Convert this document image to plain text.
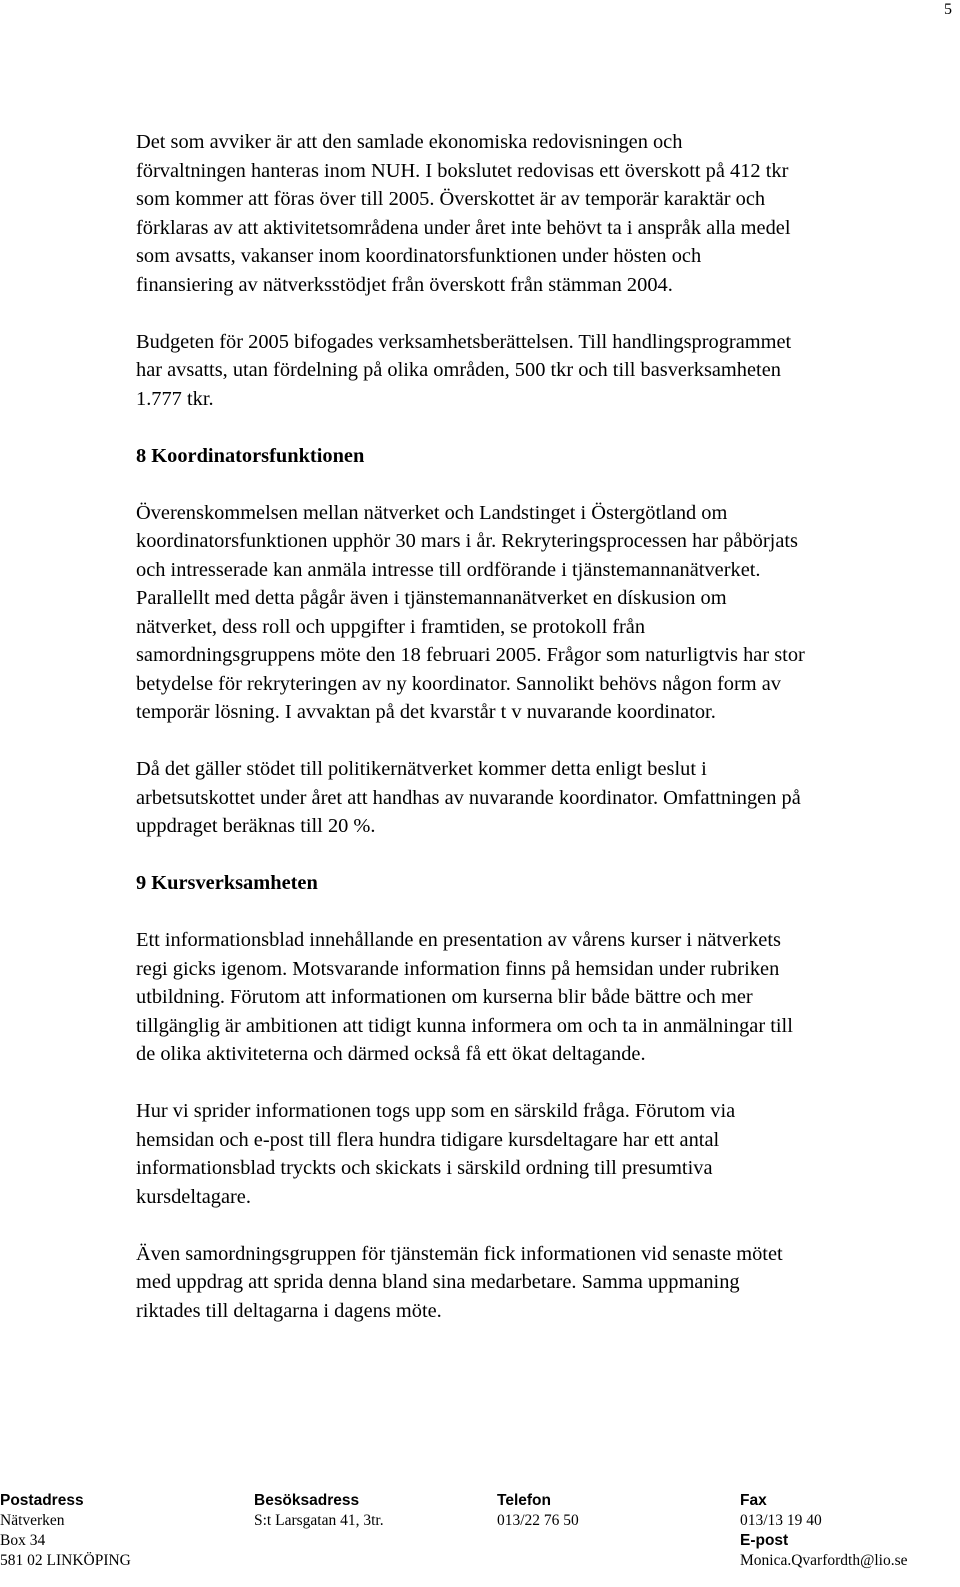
5

Det som avviker är att den samlade ekonomiska redovisningen och
förvaltningen hanteras inom NUH. I bokslutet redovisas ett överskott på 412 tkr
som kommer att föras över till 2005. Överskottet är av temporär karaktär och
förklaras av att aktivitetsområdena under året inte behövt ta i anspråk alla medel
som avsatts, vakanser inom koordinatorsfunktionen under hösten och
finansiering av nätverksstödjet från överskott från stämman 2004.

Budgeten för 2005 bifogades verksamhetsberättelsen. Till handlingsprogrammet
har avsatts, utan fördelning på olika områden, 500 tkr och till basverksamheten
1.777 tkr.

8 Koordinatorsfunktionen

Överenskommelsen mellan nätverket och Landstinget i Östergötland om
koordinatorsfunktionen upphör 30 mars i år. Rekryteringsprocessen har påbörjats
och intresserade kan anmäla intresse till ordförande i tjänstemannanätverket.
Parallellt med detta pågår även i tjänstemannanätverket en dískusion om
nätverket, dess roll och uppgifter i framtiden, se protokoll från
samordningsgruppens möte den 18 februari 2005. Frågor som naturligtvis har stor
betydelse för rekryteringen av ny koordinator. Sannolikt behövs någon form av
temporär lösning. I avvaktan på det kvarstår t v nuvarande koordinator.

Då det gäller stödet till politikernätverket kommer detta enligt beslut i
arbetsutskottet under året att handhas av nuvarande koordinator. Omfattningen på
uppdraget beräknas till 20 %.

9 Kursverksamheten

Ett informationsblad innehållande en presentation av vårens kurser i nätverkets
regi gicks igenom. Motsvarande information finns på hemsidan under rubriken
utbildning. Förutom att informationen om kurserna blir både bättre och mer
tillgänglig är ambitionen att tidigt kunna informera om och ta in anmälningar till
de olika aktiviteterna och därmed också få ett ökat deltagande.

Hur vi sprider informationen togs upp som en särskild fråga. Förutom via
hemsidan och e-post till flera hundra tidigare kursdeltagare har ett antal
informationsblad tryckts och skickats i särskild ordning till presumtiva
kursdeltagare.

Även samordningsgruppen för tjänstemän fick informationen vid senaste mötet
med uppdrag att sprida denna bland sina medarbetare. Samma uppmaning
riktades till deltagarna i dagens möte.

Postadress
Nätverken
Box 34
581 02 LINKÖPING
Besöksadress
S:t Larsgatan 41, 3tr.
Telefon
013/22 76 50
Fax
013/13 19 40
E-post
Monica.Qvarfordth@lio.se
